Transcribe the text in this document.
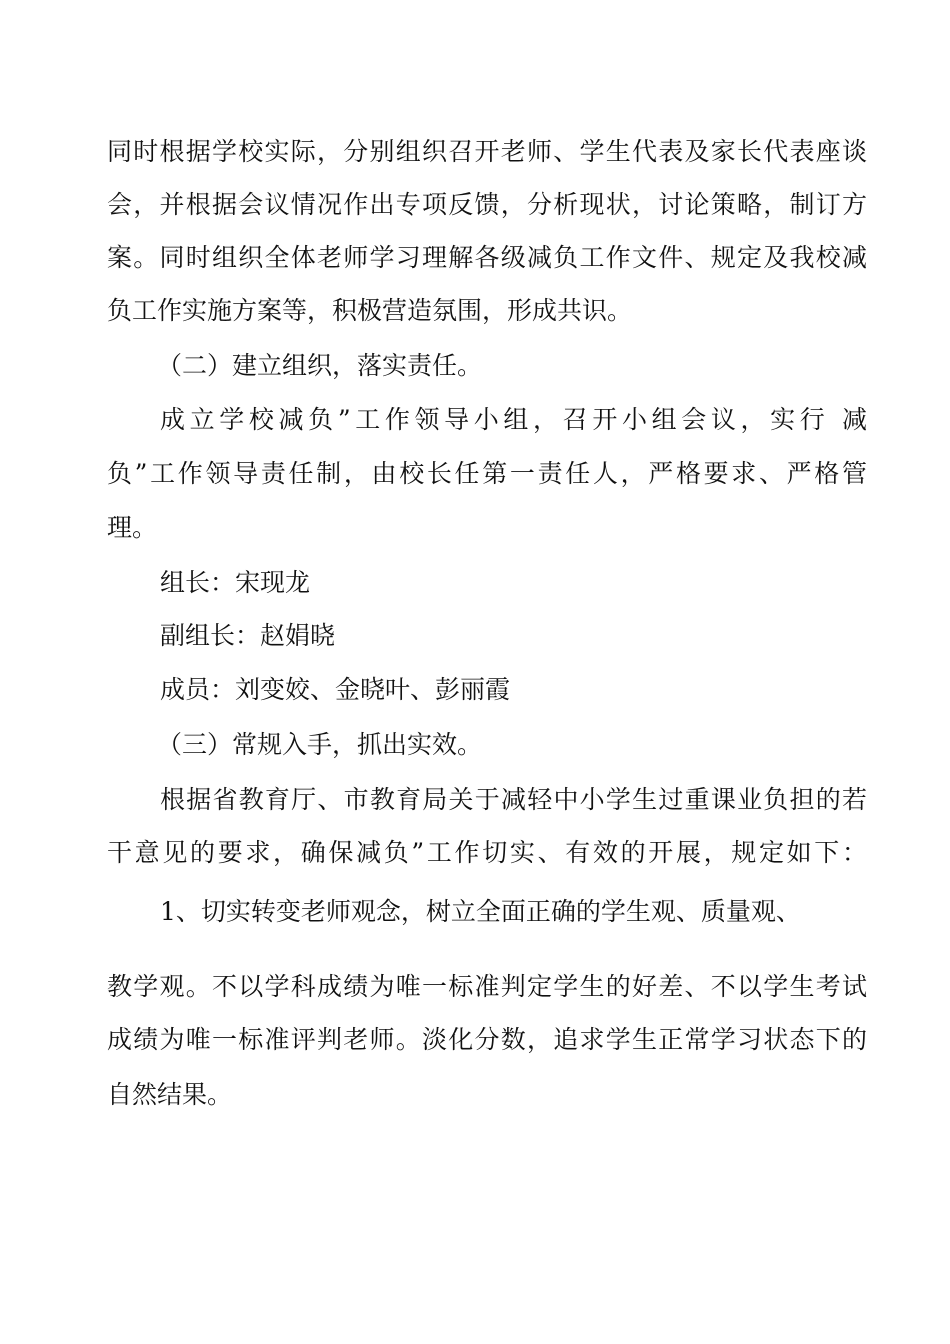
同时根据学校实际，分别组织召开老师、学生代表及家长代表座谈

会，并根据会议情况作出专项反馈，分析现状，讨论策略，制订方

案。同时组织全体老师学习理解各级减负工作文件、规定及我校减

负工作实施方案等，积极营造氛围，形成共识。

（二）建立组织，落实责任。

成立学校减负”工作领导小组，召开小组会议，实行 减

负”工作领导责任制，由校长任第一责任人，严格要求、严格管

理。

组长：宋现龙

副组长：赵娟晓

成员：刘变姣、金晓叶、彭丽霞

（三）常规入手，抓出实效。

根据省教育厅、市教育局关于减轻中小学生过重课业负担的若

干意见的要求，确保减负”工作切实、有效的开展，规定如下：

1、切实转变老师观念，树立全面正确的学生观、质量观、

教学观。不以学科成绩为唯一标准判定学生的好差、不以学生考试

成绩为唯一标准评判老师。淡化分数，追求学生正常学习状态下的

自然结果。
